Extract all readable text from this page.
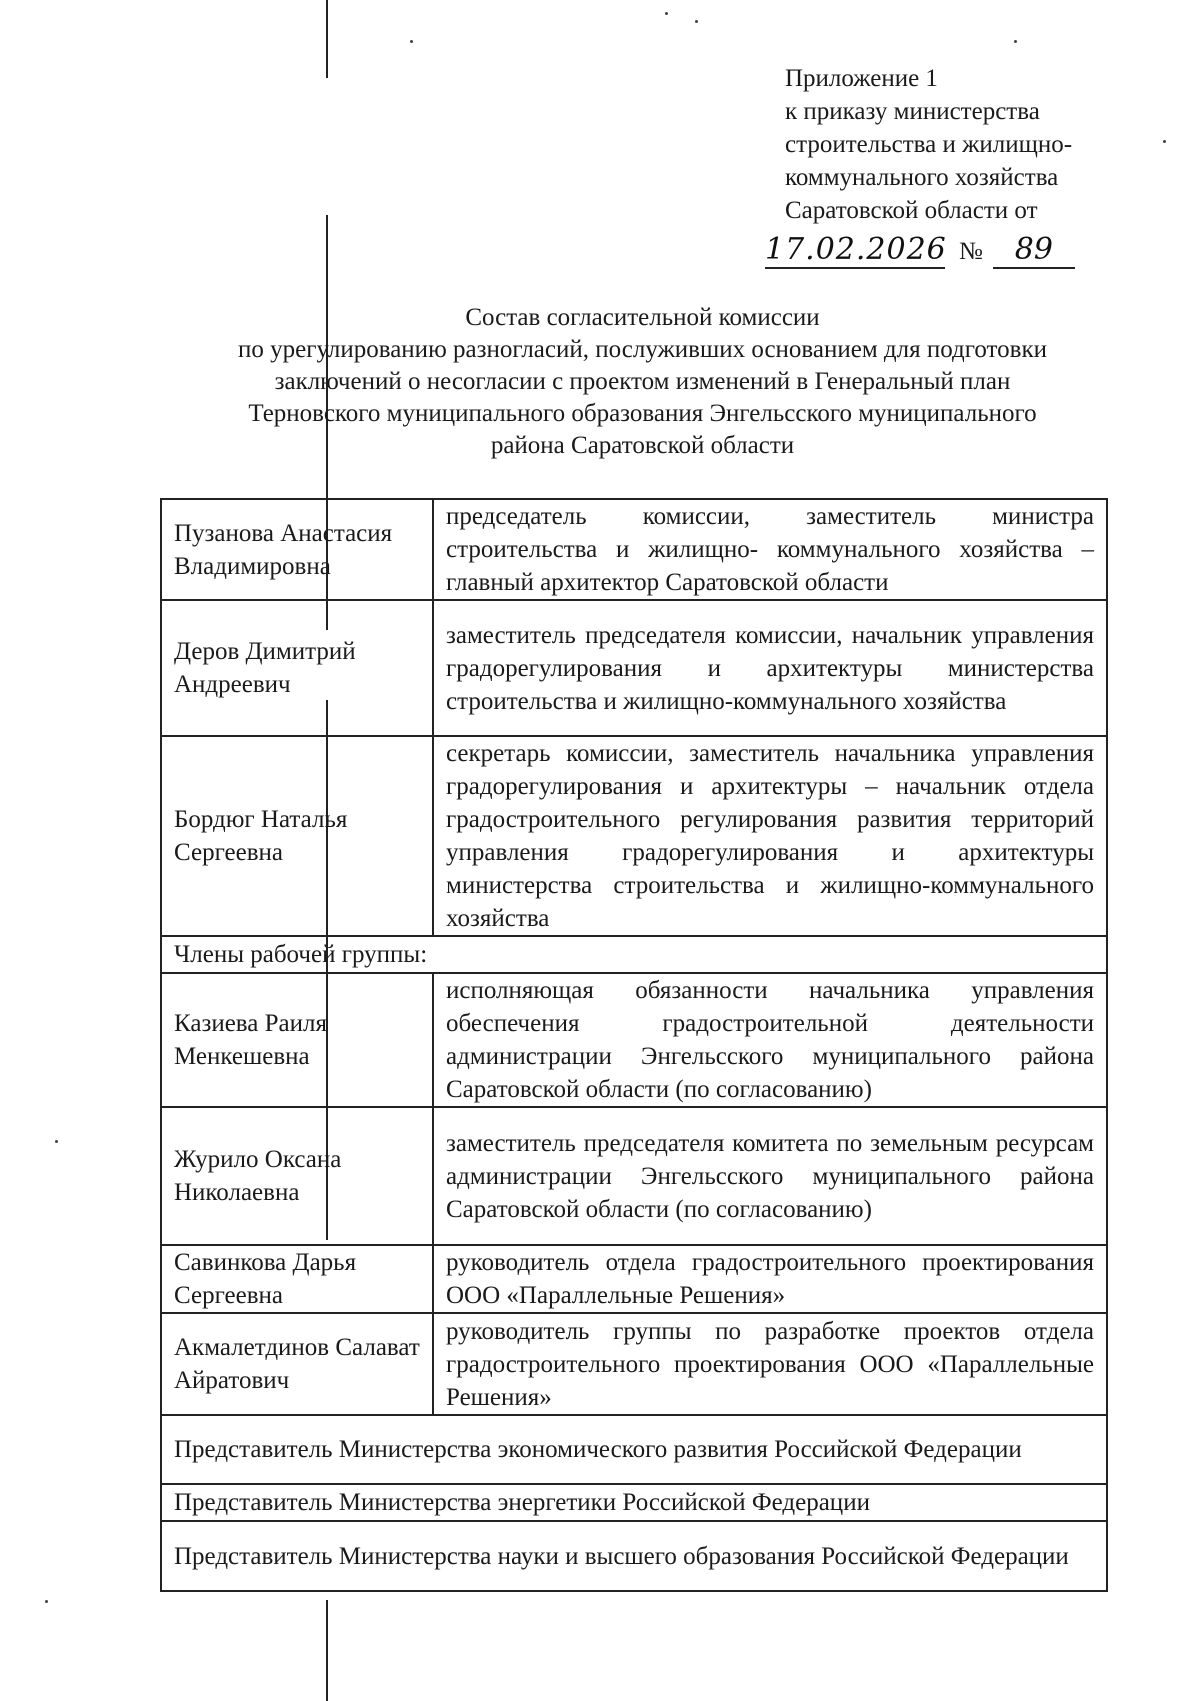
Приложение 1
к приказу министерства
строительства и жилищно-
коммунального хозяйства
Саратовской области от
17.02.2026 № 89
Состав согласительной комиссии
по урегулированию разногласий, послуживших основанием для подготовки
заключений о несогласии с проектом изменений в Генеральный план
Терновского муниципального образования Энгельсского муниципального
района Саратовской области
Пузанова Анастасия Владимировна	председатель комиссии, заместитель министра строительства и жилищно- коммунального хозяйства – главный архитектор Саратовской области
Деров Димитрий Андреевич	заместитель председателя комиссии, начальник управления градорегулирования и архитектуры министерства строительства и жилищно-коммунального хозяйства
Бордюг Наталья Сергеевна	секретарь комиссии, заместитель начальника управления градорегулирования и архитектуры – начальник отдела градостроительного регулирования развития территорий управления градорегулирования и архитектуры министерства строительства и жилищно-коммунального хозяйства
Члены рабочей группы:	
Казиева Раиля Менкешевна	исполняющая обязанности начальника управления обеспечения градостроительной деятельности администрации Энгельсского муниципального района Саратовской области (по согласованию)
Журило Оксана Николаевна	заместитель председателя комитета по земельным ресурсам администрации Энгельсского муниципального района Саратовской области (по согласованию)
Савинкова Дарья Сергеевна	руководитель отдела градостроительного проектирования ООО «Параллельные Решения»
Акмалетдинов Салават Айратович	руководитель группы по разработке проектов отдела градостроительного проектирования ООО «Параллельные Решения»
Представитель Министерства экономического развития Российской Федерации	
Представитель Министерства энергетики Российской Федерации	
Представитель Министерства науки и высшего образования Российской Федерации	
